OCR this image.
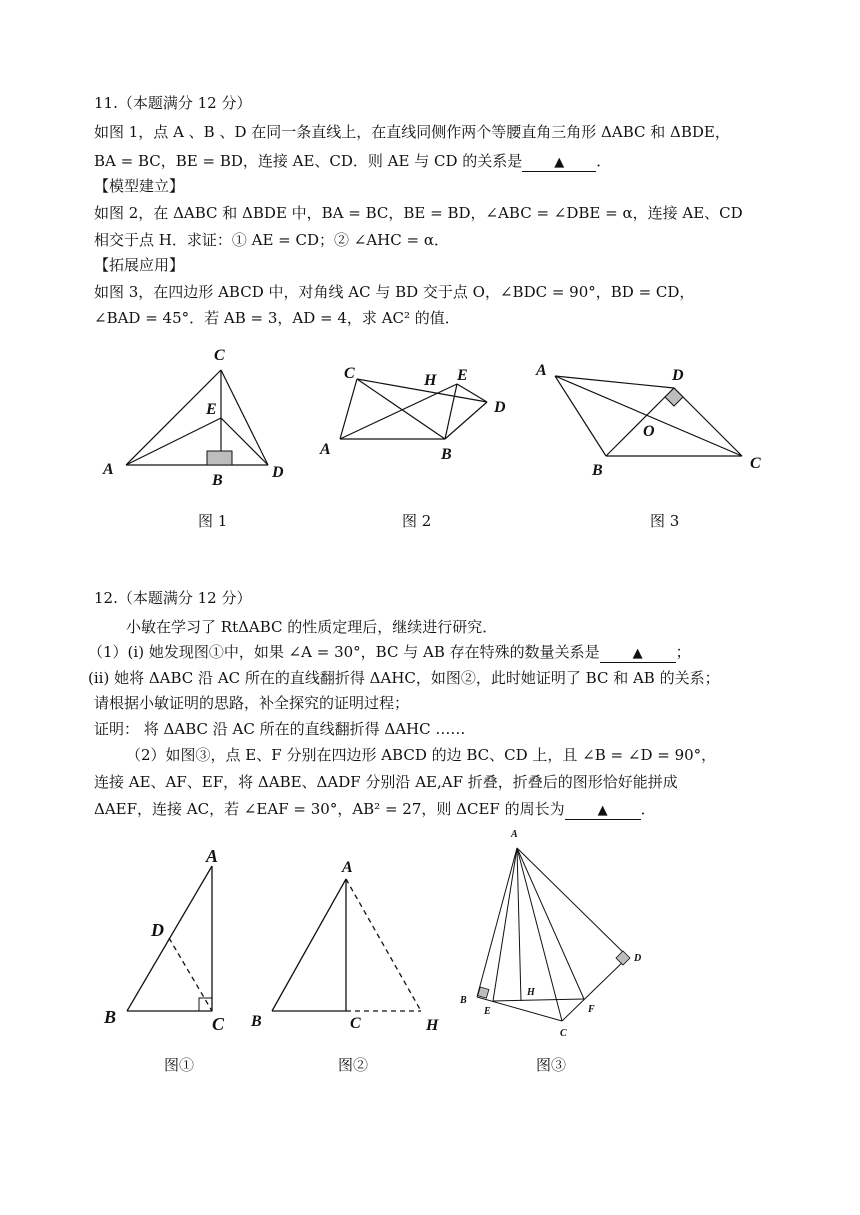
11.（本题满分 12 分）
如图 1，点 A 、B 、D 在同一条直线上，在直线同侧作两个等腰直角三角形 ΔABC 和 ΔBDE，
BA = BC，BE = BD，连接 AE、CD．则 AE 与 CD 的关系是 ▲ ．
【模型建立】
如图 2，在 ΔABC 和 ΔBDE 中，BA = BC，BE = BD，∠ABC = ∠DBE = α，连接 AE、CD
相交于点 H．求证：① AE = CD；② ∠AHC = α．
【拓展应用】
如图 3，在四边形 ABCD 中，对角线 AC 与 BD 交于点 O，∠BDC = 90°，BD = CD，
∠BAD = 45°．若 AB = 3，AD = 4，求 AC² 的值．
C
E
A
B	D
图 1
C	H E
D
A	B
图 2
A	D
O
B	C
图 3
12.（本题满分 12 分）
小敏在学习了 RtΔABC 的性质定理后，继续进行研究．
（1）(i) 她发现图①中，如果 ∠A = 30°，BC 与 AB 存在特殊的数量关系是	▲ ；
(ii) 她将 ΔABC 沿 AC 所在的直线翻折得 ΔAHC，如图②，此时她证明了 BC 和 AB 的关系；
请根据小敏证明的思路，补全探究的证明过程；
证明： 将 ΔABC 沿 AC 所在的直线翻折得 ΔAHC ……
（2）如图③，点 E、F 分别在四边形 ABCD 的边 BC、CD 上，且 ∠B = ∠D = 90°，
连接 AE、AF、EF，将 ΔABE、ΔADF 分别沿 AE,AF 折叠，折叠后的图形恰好能拼成
ΔAEF，连接 AC，若 ∠EAF = 30°，AB² = 27，则 ΔCEF 的周长为	▲ ．
A
D
B	C
图①
A
B	C	H
图②
A
D
B
E
H
F
C
图③
